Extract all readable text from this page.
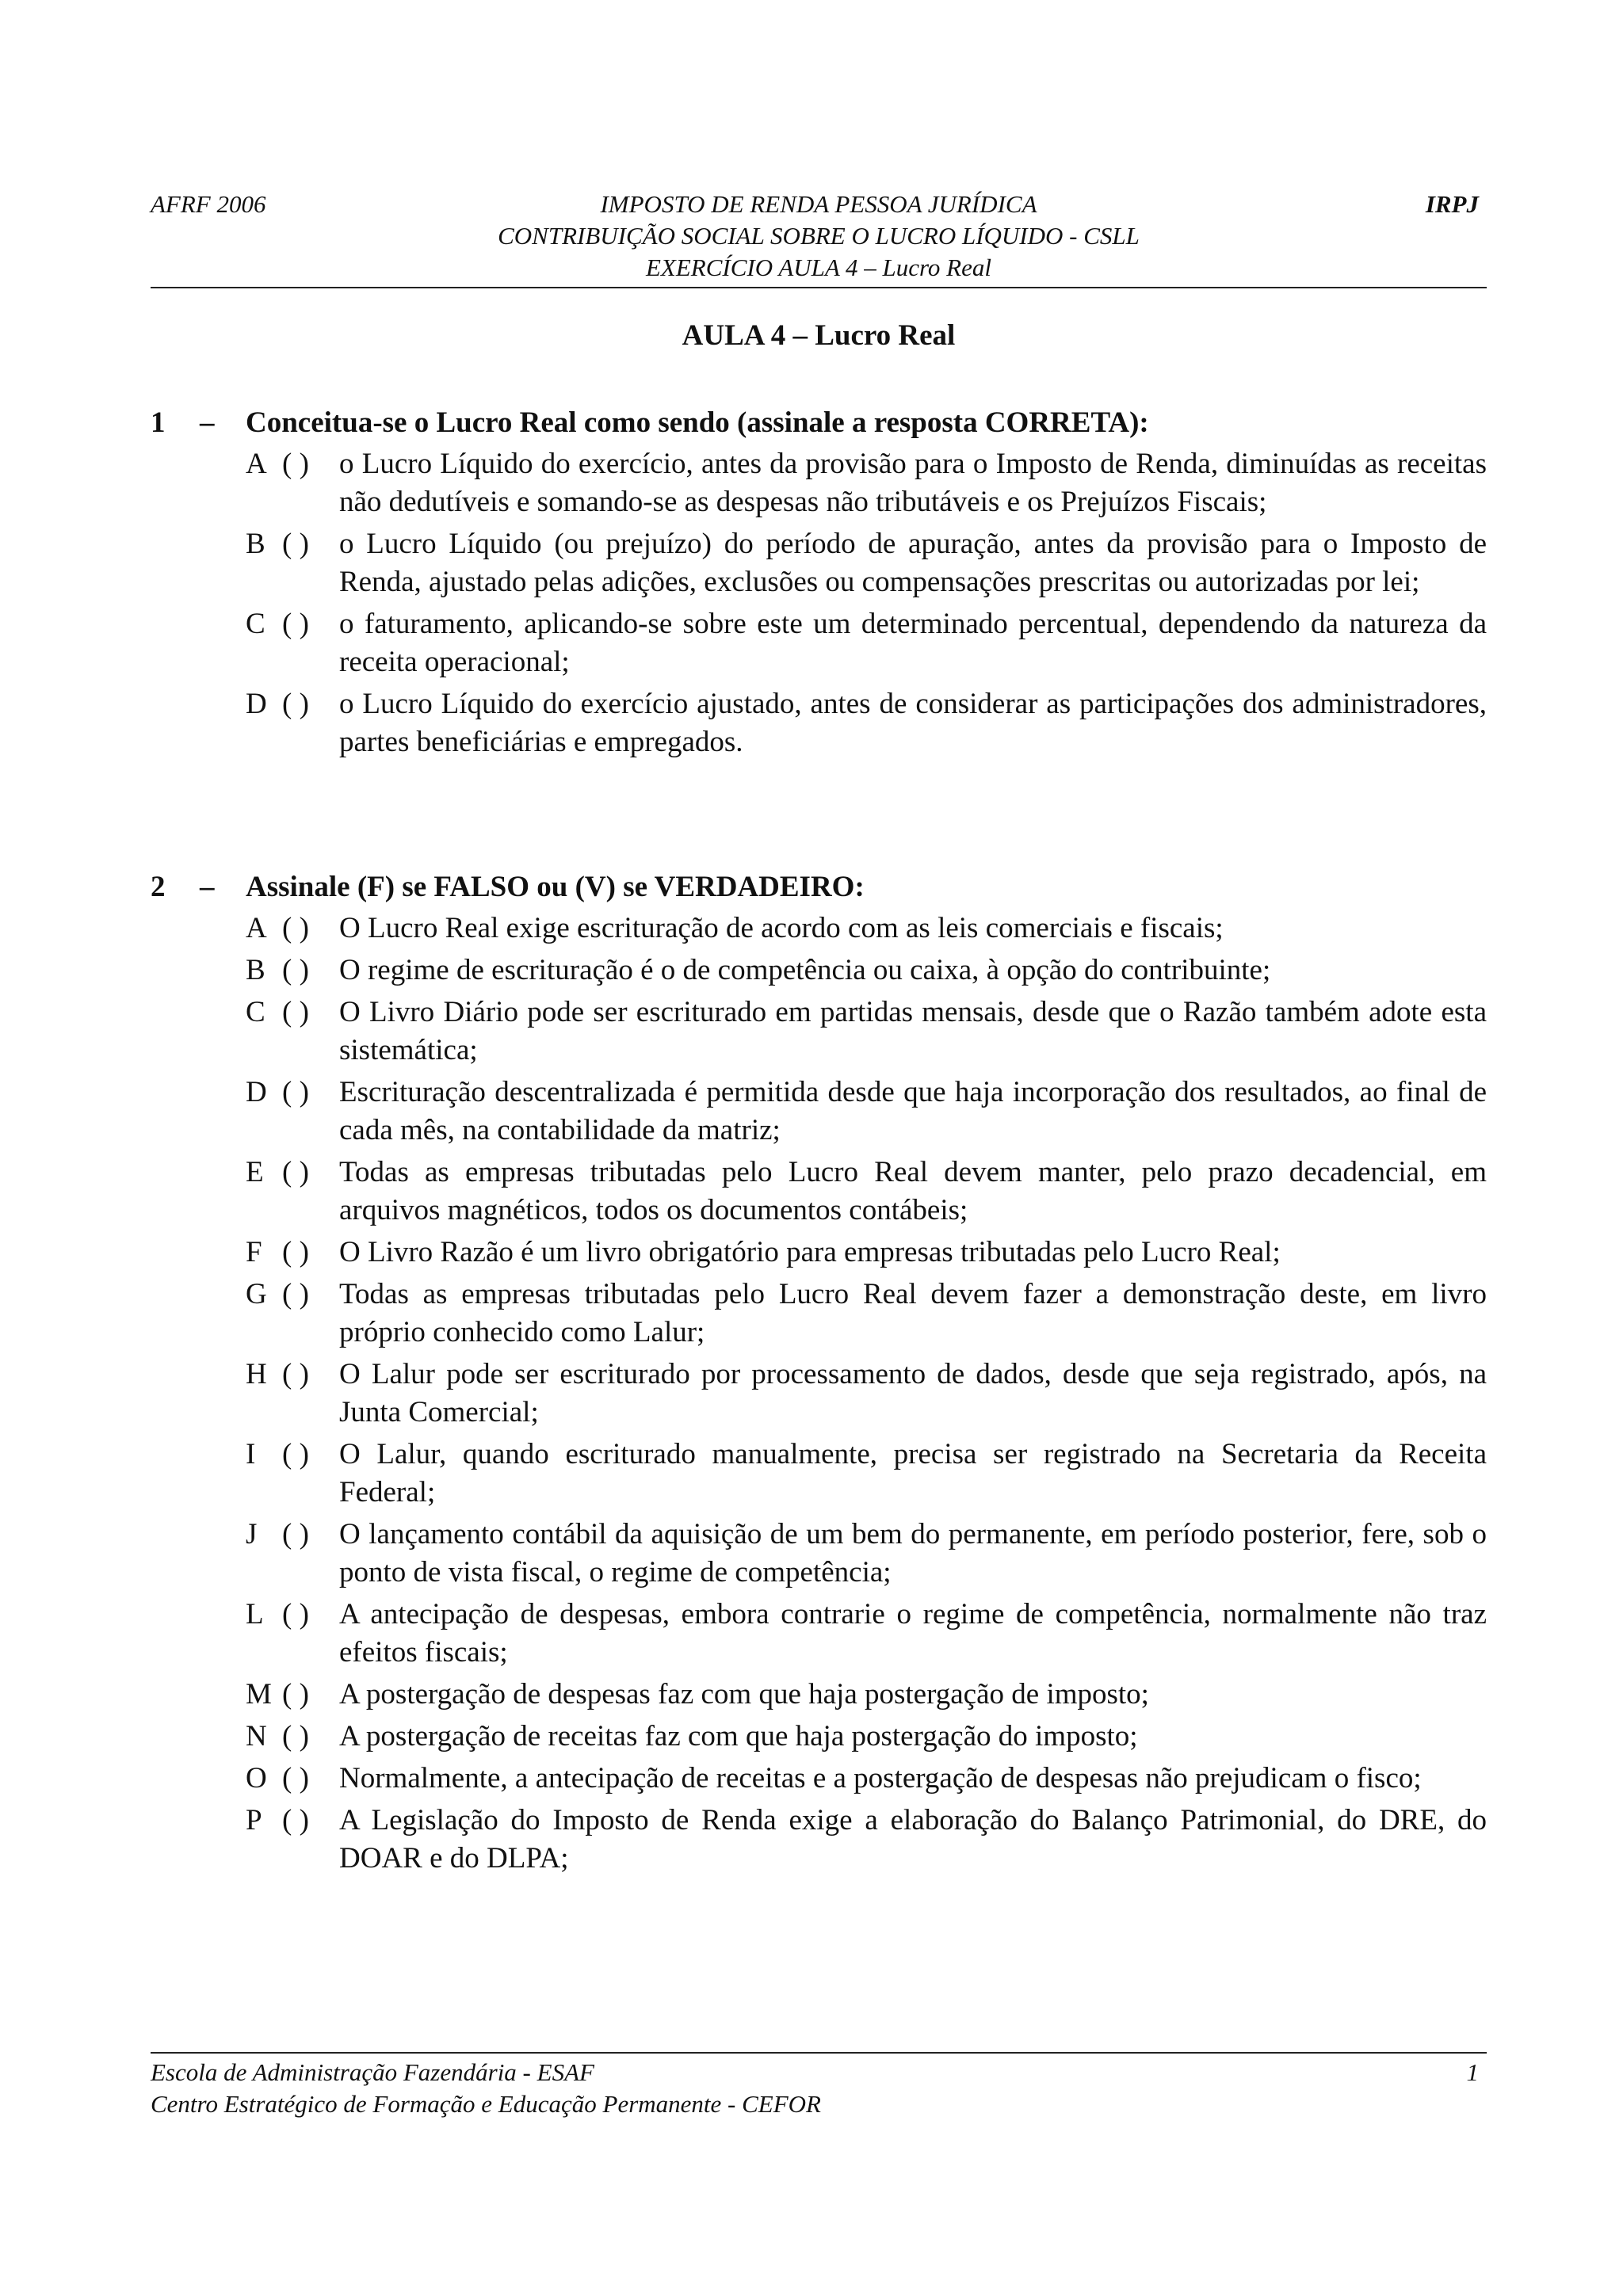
AFRF 2006	IMPOSTO DE RENDA PESSOA JURÍDICA
CONTRIBUIÇÃO SOCIAL SOBRE O LUCRO LÍQUIDO - CSLL
EXERCÍCIO AULA 4 – Lucro Real
IRPJ
AULA 4 – Lucro Real
1 – Conceitua-se o Lucro Real como sendo (assinale a resposta CORRETA):
A ( ) o Lucro Líquido do exercício, antes da provisão para o Imposto de Renda, diminuídas as receitas não dedutíveis e somando-se as despesas não tributáveis e os Prejuízos Fiscais;
B ( ) o Lucro Líquido (ou prejuízo) do período de apuração, antes da provisão para o Imposto de Renda, ajustado pelas adições, exclusões ou compensações prescritas ou autorizadas por lei;
C ( ) o faturamento, aplicando-se sobre este um determinado percentual, dependendo da natureza da receita operacional;
D ( ) o Lucro Líquido do exercício ajustado, antes de considerar as participações dos administradores, partes beneficiárias e empregados.
2 – Assinale (F) se FALSO ou (V) se VERDADEIRO:
A ( ) O Lucro Real exige escrituração de acordo com as leis comerciais e fiscais;
B ( ) O regime de escrituração é o de competência ou caixa, à opção do contribuinte;
C ( ) O Livro Diário pode ser escriturado em partidas mensais, desde que o Razão também adote esta sistemática;
D ( ) Escrituração descentralizada é permitida desde que haja incorporação dos resultados, ao final de cada mês, na contabilidade da matriz;
E ( ) Todas as empresas tributadas pelo Lucro Real devem manter, pelo prazo decadencial, em arquivos magnéticos, todos os documentos contábeis;
F ( ) O Livro Razão é um livro obrigatório para empresas tributadas pelo Lucro Real;
G ( ) Todas as empresas tributadas pelo Lucro Real devem fazer a demonstração deste, em livro próprio conhecido como Lalur;
H ( ) O Lalur pode ser escriturado por processamento de dados, desde que seja registrado, após, na Junta Comercial;
I ( ) O Lalur, quando escriturado manualmente, precisa ser registrado na Secretaria da Receita Federal;
J ( ) O lançamento contábil da aquisição de um bem do permanente, em período posterior, fere, sob o ponto de vista fiscal, o regime de competência;
L ( ) A antecipação de despesas, embora contrarie o regime de competência, normalmente não traz efeitos fiscais;
M ( ) A postergação de despesas faz com que haja postergação de imposto;
N ( ) A postergação de receitas faz com que haja postergação do imposto;
O ( ) Normalmente, a antecipação de receitas e a postergação de despesas não prejudicam o fisco;
P ( ) A Legislação do Imposto de Renda exige a elaboração do Balanço Patrimonial, do DRE, do DOAR e do DLPA;
Escola de Administração Fazendária - ESAF
Centro Estratégico de Formação e Educação Permanente - CEFOR
1
